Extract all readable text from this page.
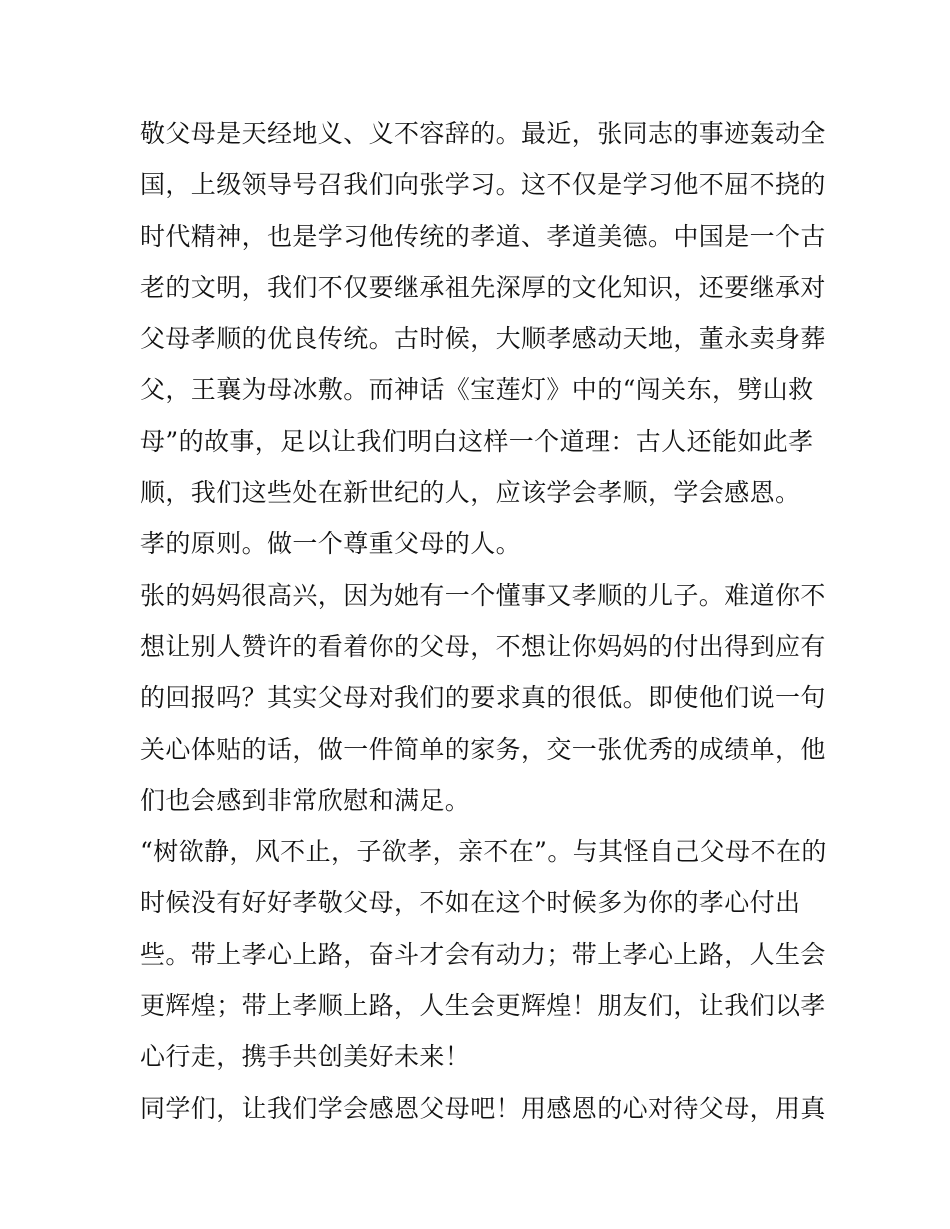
敬父母是天经地义、义不容辞的。最近，张同志的事迹轰动全
国，上级领导号召我们向张学习。这不仅是学习他不屈不挠的
时代精神，也是学习他传统的孝道、孝道美德。中国是一个古
老的文明，我们不仅要继承祖先深厚的文化知识，还要继承对
父母孝顺的优良传统。古时候，大顺孝感动天地，董永卖身葬
父，王襄为母冰敷。而神话《宝莲灯》中的“闯关东，劈山救
母”的故事，足以让我们明白这样一个道理：古人还能如此孝
顺，我们这些处在新世纪的人，应该学会孝顺，学会感恩。
孝的原则。做一个尊重父母的人。
张的妈妈很高兴，因为她有一个懂事又孝顺的儿子。难道你不
想让别人赞许的看着你的父母，不想让你妈妈的付出得到应有
的回报吗？其实父母对我们的要求真的很低。即使他们说一句
关心体贴的话，做一件简单的家务，交一张优秀的成绩单，他
们也会感到非常欣慰和满足。
“树欲静，风不止，子欲孝，亲不在”。与其怪自己父母不在的
时候没有好好孝敬父母，不如在这个时候多为你的孝心付出
些。带上孝心上路，奋斗才会有动力；带上孝心上路，人生会
更辉煌；带上孝顺上路，人生会更辉煌！朋友们，让我们以孝
心行走，携手共创美好未来！
同学们，让我们学会感恩父母吧！用感恩的心对待父母，用真
